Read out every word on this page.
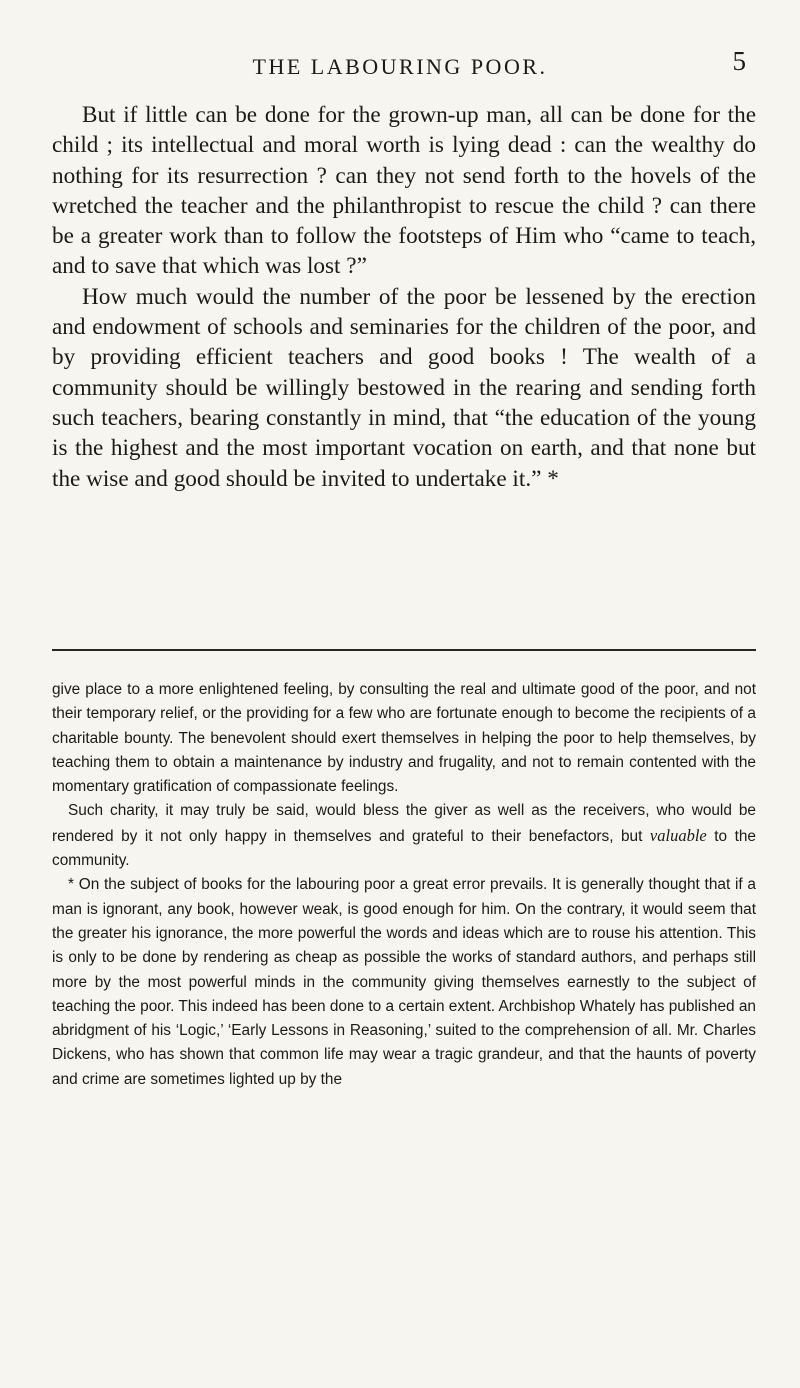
THE LABOURING POOR.	5

But if little can be done for the grown-up man, all can be done for the child ; its intellectual and moral worth is lying dead : can the wealthy do nothing for its resurrection ? can they not send forth to the hovels of the wretched the teacher and the philanthropist to rescue the child ? can there be a greater work than to follow the footsteps of Him who “came to teach, and to save that which was lost ?”

How much would the number of the poor be lessened by the erection and endowment of schools and seminaries for the children of the poor, and by providing efficient teachers and good books ! The wealth of a community should be willingly bestowed in the rearing and sending forth such teachers, bearing constantly in mind, that “the education of the young is the highest and the most important vocation on earth, and that none but the wise and good should be invited to undertake it.” *

give place to a more enlightened feeling, by consulting the real and ultimate good of the poor, and not their temporary relief, or the providing for a few who are fortunate enough to become the recipients of a charitable bounty. The benevolent should exert themselves in helping the poor to help themselves, by teaching them to obtain a maintenance by industry and frugality, and not to remain contented with the momentary gratification of compassionate feelings.

Such charity, it may truly be said, would bless the giver as well as the receivers, who would be rendered by it not only happy in themselves and grateful to their benefactors, but valuable to the community.

* On the subject of books for the labouring poor a great error prevails. It is generally thought that if a man is ignorant, any book, however weak, is good enough for him. On the contrary, it would seem that the greater his ignorance, the more powerful the words and ideas which are to rouse his attention. This is only to be done by rendering as cheap as possible the works of standard authors, and perhaps still more by the most powerful minds in the community giving themselves earnestly to the subject of teaching the poor. This indeed has been done to a certain extent. Archbishop Whately has published an abridgment of his ‘Logic,’ ‘Early Lessons in Reasoning,’ suited to the comprehension of all. Mr. Charles Dickens, who has shown that common life may wear a tragic grandeur, and that the haunts of poverty and crime are sometimes lighted up by the
